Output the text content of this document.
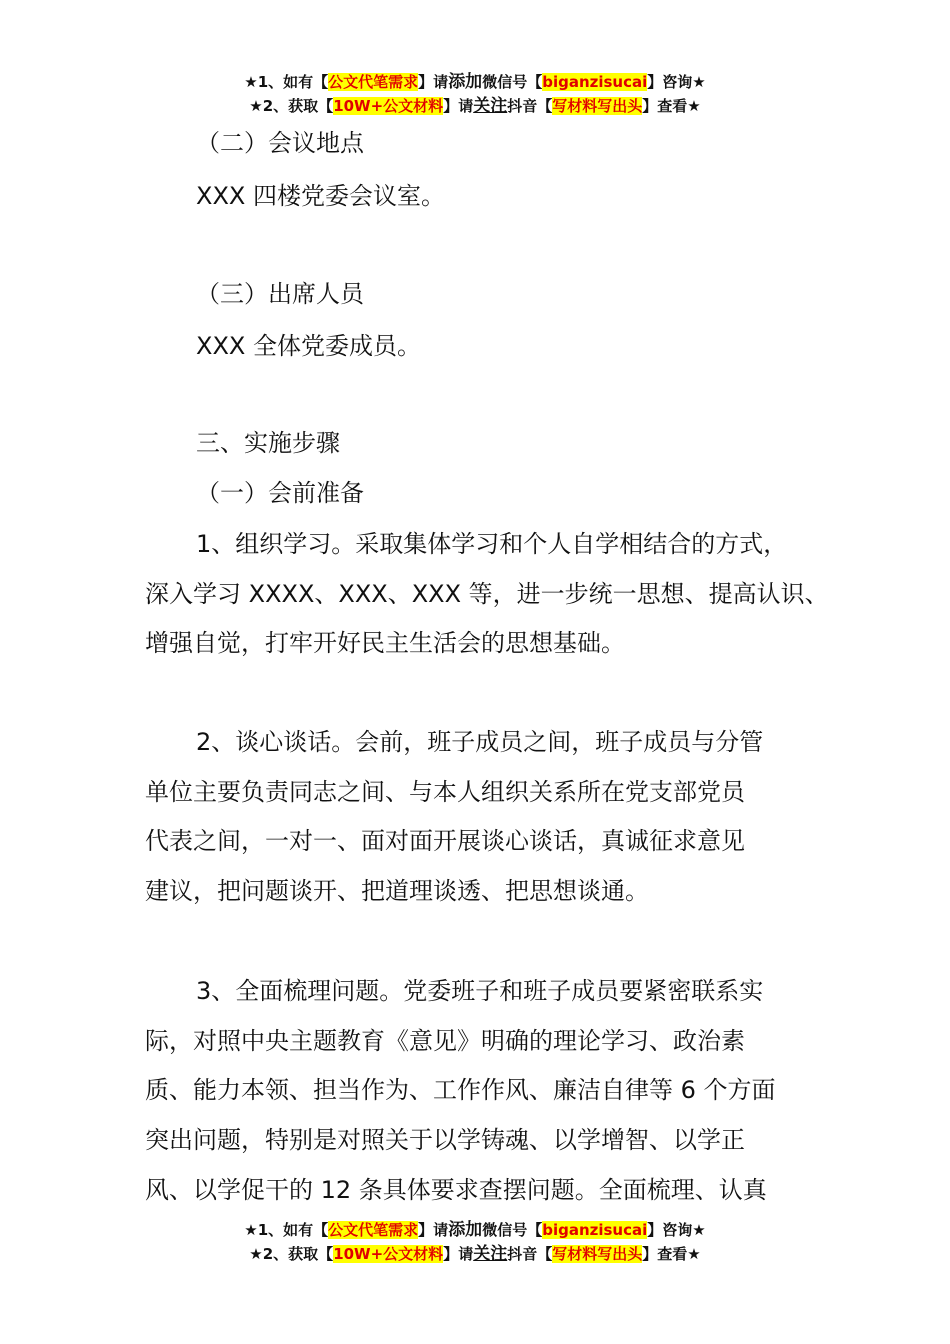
★1、如有【公文代笔需求】请添加微信号【biganzisucai】咨询★
★2、获取【10W+公文材料】请关注抖音【写材料写出头】查看★
（二）会议地点
XXX 四楼党委会议室。
（三）出席人员
XXX 全体党委成员。
三、实施步骤
（一）会前准备
1、组织学习。采取集体学习和个人自学相结合的方式，
深入学习 XXXX、XXX、XXX 等，进一步统一思想、提高认识、
增强自觉，打牢开好民主生活会的思想基础。
2、谈心谈话。会前，班子成员之间，班子成员与分管
单位主要负责同志之间、与本人组织关系所在党支部党员
代表之间，一对一、面对面开展谈心谈话，真诚征求意见
建议，把问题谈开、把道理谈透、把思想谈通。
3、全面梳理问题。党委班子和班子成员要紧密联系实
际，对照中央主题教育《意见》明确的理论学习、政治素
质、能力本领、担当作为、工作作风、廉洁自律等 6 个方面
突出问题，特别是对照关于以学铸魂、以学增智、以学正
风、以学促干的 12 条具体要求查摆问题。全面梳理、认真
★1、如有【公文代笔需求】请添加微信号【biganzisucai】咨询★
★2、获取【10W+公文材料】请关注抖音【写材料写出头】查看★
